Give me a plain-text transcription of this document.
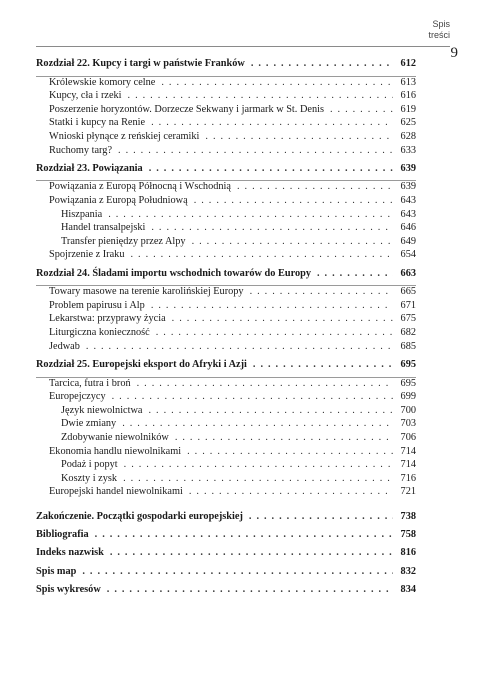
Spis
treści
9
Rozdział 22. Kupcy i targi w państwie Franków . . .	612
Królewskie komory celne . . .	613
Kupcy, cła i rzeki . . .	616
Poszerzenie horyzontów. Dorzecze Sekwany i jarmark w St. Denis . . .	619
Statki i kupcy na Renie . . .	625
Wnioski płynące z reńskiej ceramiki . . .	628
Ruchomy targ? . . .	633
Rozdział 23. Powiązania . . .	639
Powiązania z Europą Północną i Wschodnią . . .	639
Powiązania z Europą Południową . . .	643
Hiszpania . . .	643
Handel transalpejski . . .	646
Transfer pieniędzy przez Alpy . . .	649
Spojrzenie z Iraku . . .	654
Rozdział 24. Śladami importu wschodnich towarów do Europy . . .	663
Towary masowe na terenie karolińskiej Europy . . .	665
Problem papirusu i Alp . . .	671
Lekarstwa: przyprawy życia . . .	675
Liturgiczna konieczność . . .	682
Jedwab . . .	685
Rozdział 25. Europejski eksport do Afryki i Azji . . .	695
Tarcica, futra i broń . . .	695
Europejczycy . . .	699
Język niewolnictwa . . .	700
Dwie zmiany . . .	703
Zdobywanie niewolników . . .	706
Ekonomia handlu niewolnikami . . .	714
Podaż i popyt . . .	714
Koszty i zysk . . .	716
Europejski handel niewolnikami . . .	721
Zakończenie. Początki gospodarki europejskiej . . .	738
Bibliografia . . .	758
Indeks nazwisk . . .	816
Spis map . . .	832
Spis wykresów . . .	834
